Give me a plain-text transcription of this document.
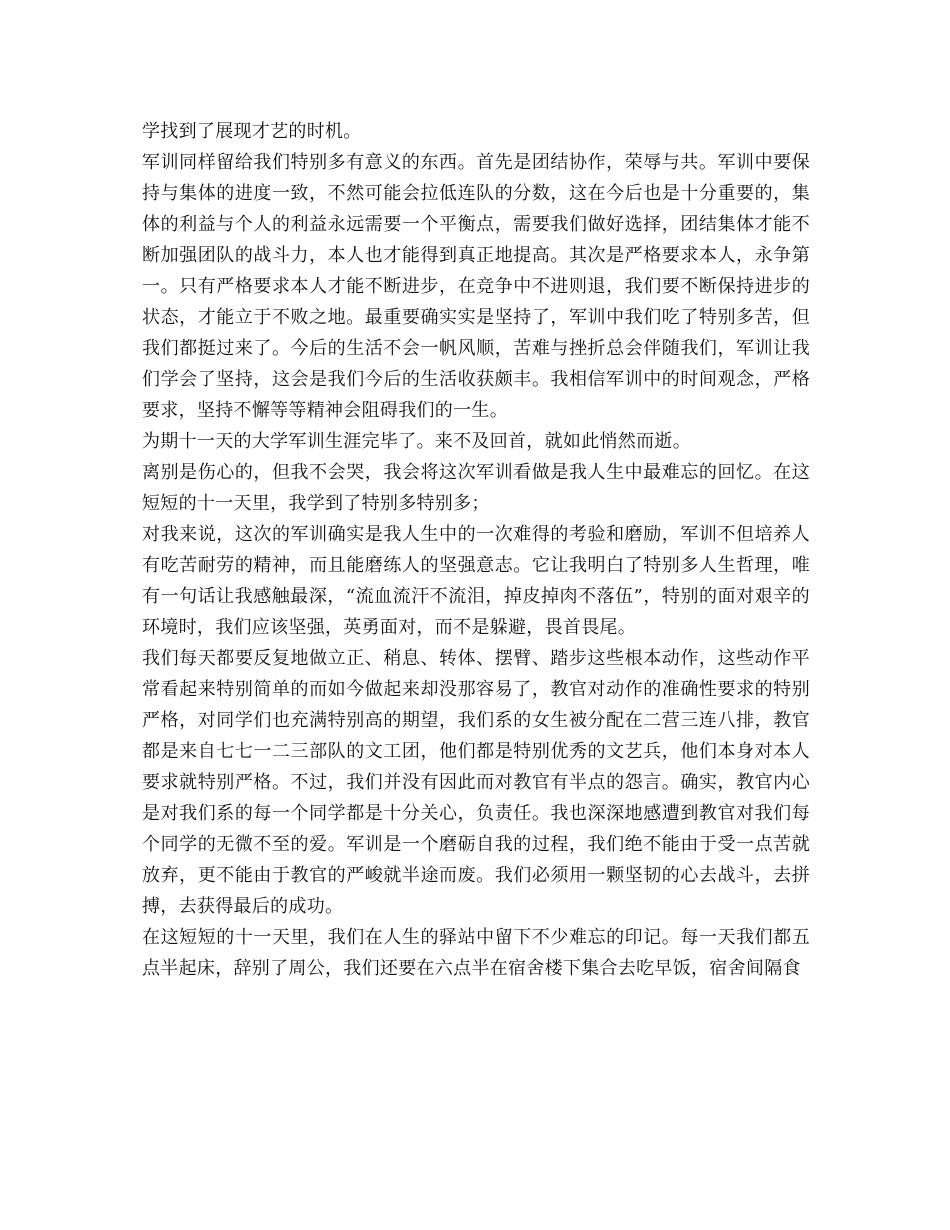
学找到了展现才艺的时机。

军训同样留给我们特别多有意义的东西。首先是团结协作，荣辱与共。军训中要保持与集体的进度一致，不然可能会拉低连队的分数，这在今后也是十分重要的，集体的利益与个人的利益永远需要一个平衡点，需要我们做好选择，团结集体才能不断加强团队的战斗力，本人也才能得到真正地提高。其次是严格要求本人，永争第一。只有严格要求本人才能不断进步，在竞争中不进则退，我们要不断保持进步的状态，才能立于不败之地。最重要确实实是坚持了，军训中我们吃了特别多苦，但我们都挺过来了。今后的生活不会一帆风顺，苦难与挫折总会伴随我们，军训让我们学会了坚持，这会是我们今后的生活收获颇丰。我相信军训中的时间观念，严格要求，坚持不懈等等精神会阻碍我们的一生。

为期十一天的大学军训生涯完毕了。来不及回首，就如此悄然而逝。

离别是伤心的，但我不会哭，我会将这次军训看做是我人生中最难忘的回忆。在这短短的十一天里，我学到了特别多特别多；

对我来说，这次的军训确实是我人生中的一次难得的考验和磨励，军训不但培养人有吃苦耐劳的精神，而且能磨练人的坚强意志。它让我明白了特别多人生哲理，唯有一句话让我感触最深，“流血流汗不流泪，掉皮掉肉不落伍”，特别的面对艰辛的环境时，我们应该坚强，英勇面对，而不是躲避，畏首畏尾。

我们每天都要反复地做立正、稍息、转体、摆臂、踏步这些根本动作，这些动作平常看起来特别简单的而如今做起来却没那容易了，教官对动作的准确性要求的特别严格，对同学们也充满特别高的期望，我们系的女生被分配在二营三连八排，教官都是来自七七一二三部队的文工团，他们都是特别优秀的文艺兵，他们本身对本人要求就特别严格。不过，我们并没有因此而对教官有半点的怨言。确实，教官内心是对我们系的每一个同学都是十分关心，负责任。我也深深地感遭到教官对我们每个同学的无微不至的爱。军训是一个磨砺自我的过程，我们绝不能由于受一点苦就放弃，更不能由于教官的严峻就半途而废。我们必须用一颗坚韧的心去战斗，去拼搏，去获得最后的成功。

在这短短的十一天里，我们在人生的驿站中留下不少难忘的印记。每一天我们都五点半起床，辞别了周公，我们还要在六点半在宿舍楼下集合去吃早饭，宿舍间隔食
